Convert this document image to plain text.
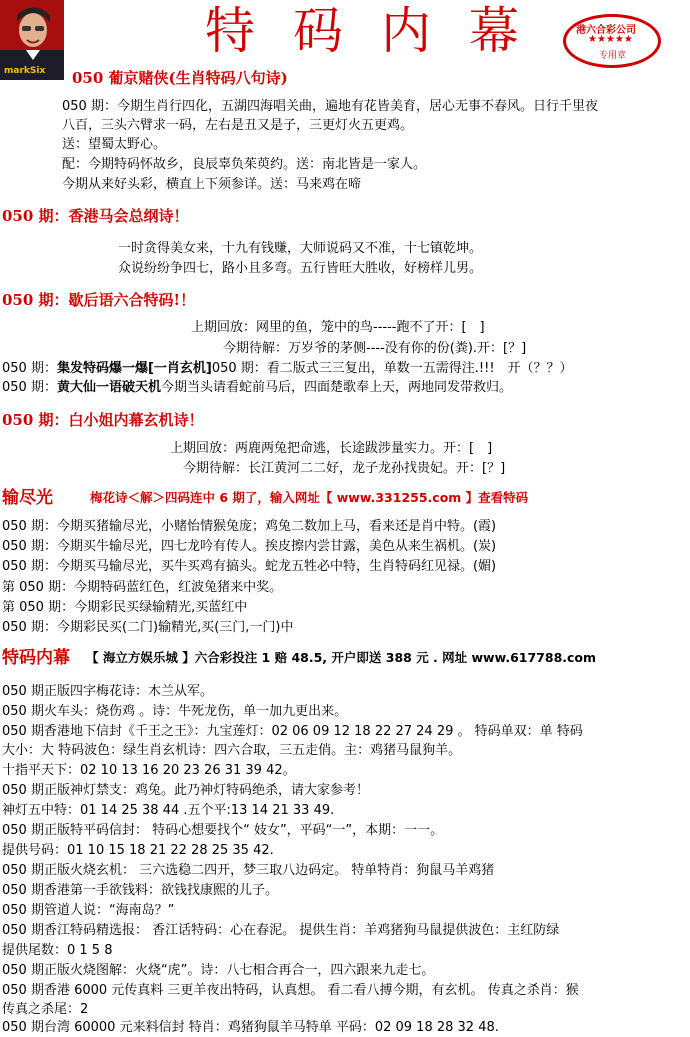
markSix
特码内幕 港六合彩公司
★★★★★
专用章
050 葡京赌侠(生肖特码八句诗)
050 期：今期生肖行四化，五湖四海唱关曲，遍地有花皆美育，居心无事不春风。日行千里夜
八百，三头六臂求一码，左右是丑又是子，三更灯火五更鸡。
送：望蜀太野心。
配：今期特码怀故乡，良辰辜负茱萸约。送：南北皆是一家人。
今期从来好头彩，横直上下须参详。送：马来鸡在啼
050 期：香港马会总纲诗！
一时贪得美女来，十九有钱赚，大师说码又不准，十七镇乾坤。
众说纷纷争四七，路小且多弯。五行皆旺大胜收，好榜样儿男。
050 期：歇后语六合特码!！
上期回放：网里的鱼，笼中的鸟-----跑不了开：[　]
今期待解：万岁爷的茅侧----没有你的份(粪).开：[？]
050 期：集发特码爆一爆[一肖玄机]050 期：看二版式三三复出，单数一五需得注.!!!　开（？？）
050 期：黄大仙一语破天机今期当头请看蛇前马后，四面楚歌奉上天，两地同发带救归。
050 期：白小姐内幕玄机诗！
上期回放：两鹿两兔把命逃，长途跋涉量实力。开：[　]
今期待解：长江黄河二二好，龙子龙孙找贵妃。开：[？]
输尽光	梅花诗＜解＞四码连中 6 期了，输入网址【 www.331255.com 】查看特码
050 期：今期买猪输尽光，小赌怡情猴兔庞；鸡兔二数加上马，看来还是肖中特。(霞)
050 期：今期买牛输尽光，四七龙吟有传人。挨皮擦内尝甘露，美色从来生祸机。(炭)
050 期：今期买马输尽光，买牛买鸡有搞头。蛇龙五牲必中特，生肖特码红见禄。(媚)
第 050 期：今期特码蓝红色，红波兔猪来中奖。
第 050 期：今期彩民买绿输精光,买蓝红中
050 期：今期彩民买(二门)输精光,买(三门,一门)中
特码内幕 【 海立方娱乐城 】六合彩投注 1 赔 48.5, 开户即送 388 元 . 网址 www.617788.com
050 期正版四字梅花诗：木兰从军。
050 期火车头：烧伤鸡 。诗：牛死龙伤，单一加九更出来。
050 期香港地下信封《千王之王》：九宝莲灯：02 06 09 12 18 22 27 24 29 。 特码单双：单 特码
大小：大 特码波色：绿生肖玄机诗：四六合取，三五走俏。主：鸡猪马鼠狗羊。
十指平天下：02 10 13 16 20 23 26 31 39 42。
050 期正版神灯禁支：鸡兔。此乃神灯特码绝杀，请大家参考！
神灯五中特：01 14 25 38 44 .五个平:13 14 21 33 49.
050 期正版特平码信封： 特码心想要找个“ 妓女”，平码“一”，本期：一一。
提供号码：01 10 15 18 21 22 28 25 35 42.
050 期正版火烧玄机： 三六选稳二四开，梦三取八边码定。 特单特肖：狗鼠马羊鸡猪
050 期香港第一手欲钱料：欲钱找康熙的儿子。
050 期管道人说：“海南岛？”
050 期香江特码精选报： 香江话特码：心在春泥。 提供生肖：羊鸡猪狗马鼠提供波色：主红防绿
提供尾数：0 1 5 8
050 期正版火烧图解：火烧“虎”。诗：八七相合再合一，四六跟来九走七。
050 期香港 6000 元传真料 三更羊夜出特码，认真想。 看二看八搏今期，有玄机。 传真之杀肖：猴
传真之杀尾：2
050 期台湾 60000 元来料信封 特肖：鸡猪狗鼠羊马特单 平码：02 09 18 28 32 48.
